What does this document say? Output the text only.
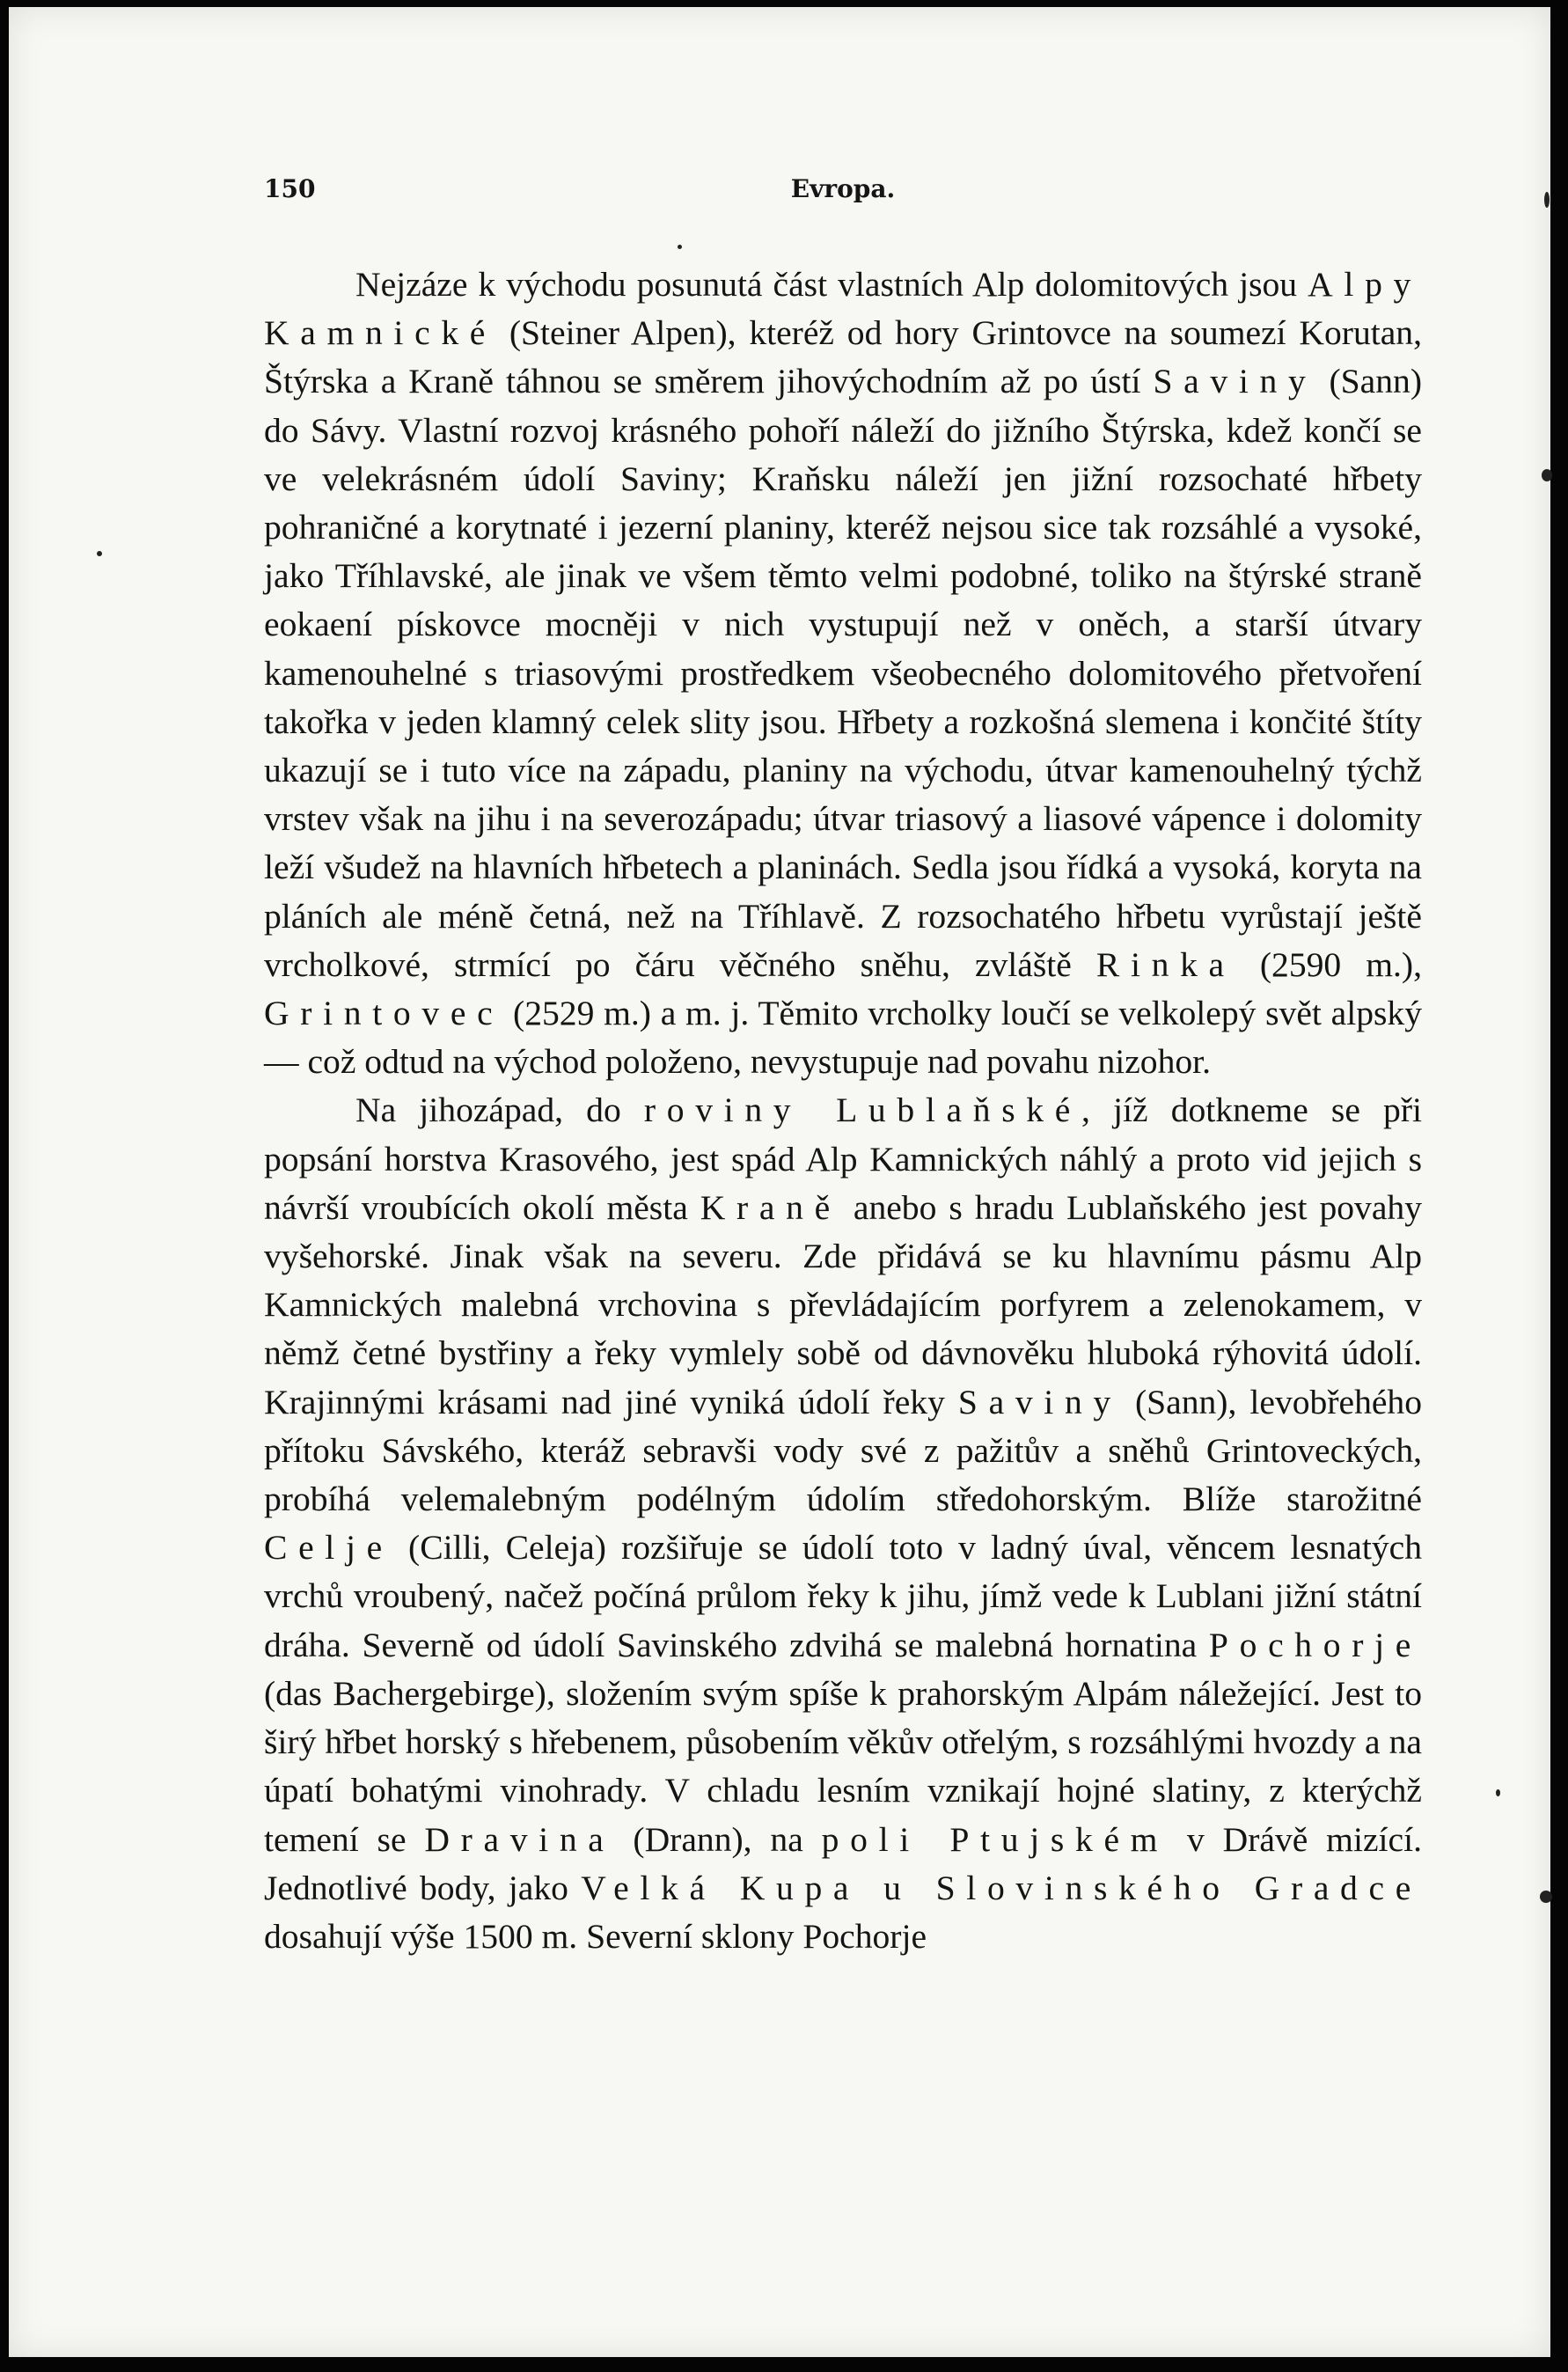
150	Evropa.

Nejzáze k východu posunutá část vlastních Alp dolomitových jsou Alpy Kamnické (Steiner Alpen), kteréž od hory Grintovce na soumezí Korutan, Štýrska a Kraně táhnou se směrem jihovýchodním až po ústí Saviny (Sann) do Sávy. Vlastní rozvoj krásného pohoří náleží do jižního Štýrska, kdež končí se ve velekrásném údolí Saviny; Kraňsku náleží jen jižní rozsochaté hřbety pohraničné a korytnaté i jezerní planiny, kteréž nejsou sice tak rozsáhlé a vysoké, jako Tříhlavské, ale jinak ve všem těmto velmi podobné, toliko na štýrské straně eokaení pískovce mocněji v nich vystupují než v oněch, a starší útvary kamenouhelné s triasovými prostředkem všeobecného dolomitového přetvoření takořka v jeden klamný celek slity jsou. Hřbety a rozkošná slemena i končité štíty ukazují se i tuto více na západu, planiny na východu, útvar kamenouhelný týchž vrstev však na jihu i na severozápadu; útvar triasový a liasové vápence i dolomity leží všudež na hlavních hřbetech a planinách. Sedla jsou řídká a vysoká, koryta na pláních ale méně četná, než na Tříhlavě. Z rozsochatého hřbetu vyrůstají ještě vrcholkové, strmící po čáru věčného sněhu, zvláště Rinka (2590 m.), Grintovec (2529 m.) a m. j. Těmito vrcholky loučí se velkolepý svět alpský — což odtud na východ položeno, nevystupuje nad povahu nizohor.

Na jihozápad, do roviny Lublaňské, jíž dotkneme se při popsání horstva Krasového, jest spád Alp Kamnických náhlý a proto vid jejich s návrší vroubících okolí města Kraně anebo s hradu Lublaňského jest povahy vyšehorské. Jinak však na severu. Zde přidává se ku hlavnímu pásmu Alp Kamnických malebná vrchovina s převládajícím porfyrem a zelenokamem, v němž četné bystřiny a řeky vymlely sobě od dávnověku hluboká rýhovitá údolí. Krajinnými krásami nad jiné vyniká údolí řeky Saviny (Sann), levobřehého přítoku Sávského, kteráž sebravši vody své z pažitův a sněhů Grintoveckých, probíhá velemalebným podélným údolím středohorským. Blíže starožitné Celje (Cilli, Celeja) rozšiřuje se údolí toto v ladný úval, věncem lesnatých vrchů vroubený, načež počíná průlom řeky k jihu, jímž vede k Lublani jižní státní dráha. Severně od údolí Savinského zdvihá se malebná hornatina Pochorje (das Bachergebirge), složením svým spíše k prahorským Alpám náležející. Jest to širý hřbet horský s hřebenem, působením věkův otřelým, s rozsáhlými hvozdy a na úpatí bohatými vinohrady. V chladu lesním vznikají hojné slatiny, z kterýchž temení se Dravina (Drann), na poli Ptujském v Drávě mizící. Jednotlivé body, jako Velká Kupa u Slovinského Gradce dosahují výše 1500 m. Severní sklony Pochorje
